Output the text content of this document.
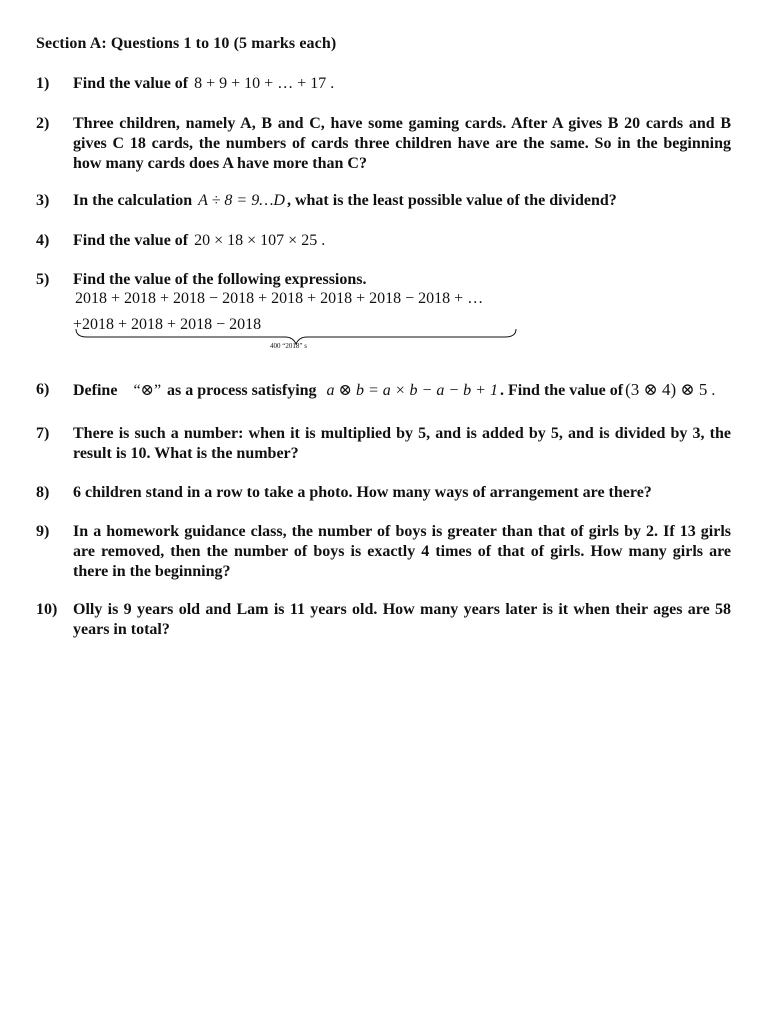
Section A: Questions 1 to 10 (5 marks each)
1) Find the value of 8 + 9 + 10 + … + 17 .
2) Three children, namely A, B and C, have some gaming cards. After A gives B 20 cards and B gives C 18 cards, the numbers of cards three children have are the same. So in the beginning how many cards does A have more than C?
3) In the calculation A ÷ 8 = 9…D , what is the least possible value of the dividend?
4) Find the value of 20 × 18 × 107 × 25 .
5) Find the value of the following expressions.
2018 + 2018 + 2018 − 2018 + 2018 + 2018 + 2018 − 2018 + …
+2018 + 2018 + 2018 − 2018
400 “2018” s
6) Define “⊗” as a process satisfying a ⊗ b = a × b − a − b + 1 . Find the value of (3 ⊗ 4) ⊗ 5 .
7) There is such a number: when it is multiplied by 5, and is added by 5, and is divided by 3, the result is 10. What is the number?
8) 6 children stand in a row to take a photo. How many ways of arrangement are there?
9) In a homework guidance class, the number of boys is greater than that of girls by 2. If 13 girls are removed, then the number of boys is exactly 4 times of that of girls. How many girls are there in the beginning?
10) Olly is 9 years old and Lam is 11 years old. How many years later is it when their ages are 58 years in total?
